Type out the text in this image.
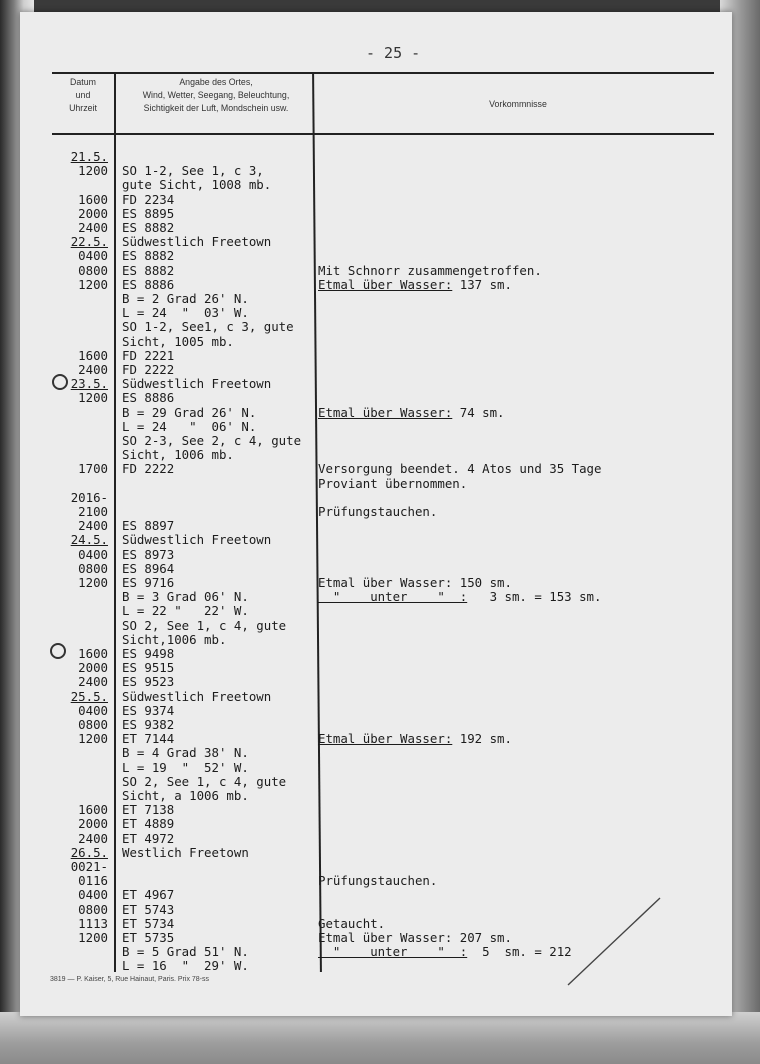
- 25 -
Datum
und
Uhrzeit
Angabe des Ortes,
Wind, Wetter, Seegang, Beleuchtung,
Sichtigkeit der Luft, Mondschein usw.	Vorkommnisse
21.5.
1200 SO 1-2, See 1, c 3,
gute Sicht, 1008 mb.
1600 FD 2234
2000 ES 8895
2400 ES 8882
22.5. Südwestlich Freetown
0400 ES 8882
0800 ES 8882	Mit Schnorr zusammengetroffen.
1200 ES 8886	Etmal über Wasser: 137 sm.
B = 2 Grad 26' N.
L = 24  "  03' W.
SO 1-2, See1, c 3, gute
Sicht, 1005 mb.
1600 FD 2221
2400 FD 2222
23.5. Südwestlich Freetown
1200 ES 8886
B = 29 Grad 26' N.	Etmal über Wasser: 74 sm.
L = 24   "  06' N.
SO 2-3, See 2, c 4, gute
Sicht, 1006 mb.
1700 FD 2222	Versorgung beendet. 4 Atos und 35 Tage
Proviant übernommen.
2016-
2100	Prüfungstauchen.
2400 ES 8897
24.5. Südwestlich Freetown
0400 ES 8973
0800 ES 8964
1200 ES 9716	Etmal über Wasser: 150 sm.
B = 3 Grad 06' N.	"    unter    "  :   3 sm. = 153 sm.
L = 22 "   22' W.
SO 2, See 1, c 4, gute
Sicht,1006 mb.
1600 ES 9498
2000 ES 9515
2400 ES 9523
25.5. Südwestlich Freetown
0400 ES 9374
0800 ES 9382
1200 ET 7144	Etmal über Wasser: 192 sm.
B = 4 Grad 38' N.
L = 19  "  52' W.
SO 2, See 1, c 4, gute
Sicht, a 1006 mb.
1600 ET 7138
2000 ET 4889
2400 ET 4972
26.5. Westlich Freetown
0021-
0116	Prüfungstauchen.
0400 ET 4967
0800 ET 5743
1113 ET 5734	Getaucht.
1200 ET 5735	Etmal über Wasser: 207 sm.
B = 5 Grad 51' N.	"    unter    "  :  5  sm. = 212
L = 16  "  29' W.
3819 — P. Kaiser, 5, Rue Hainaut, Paris. Prix 78-ss
